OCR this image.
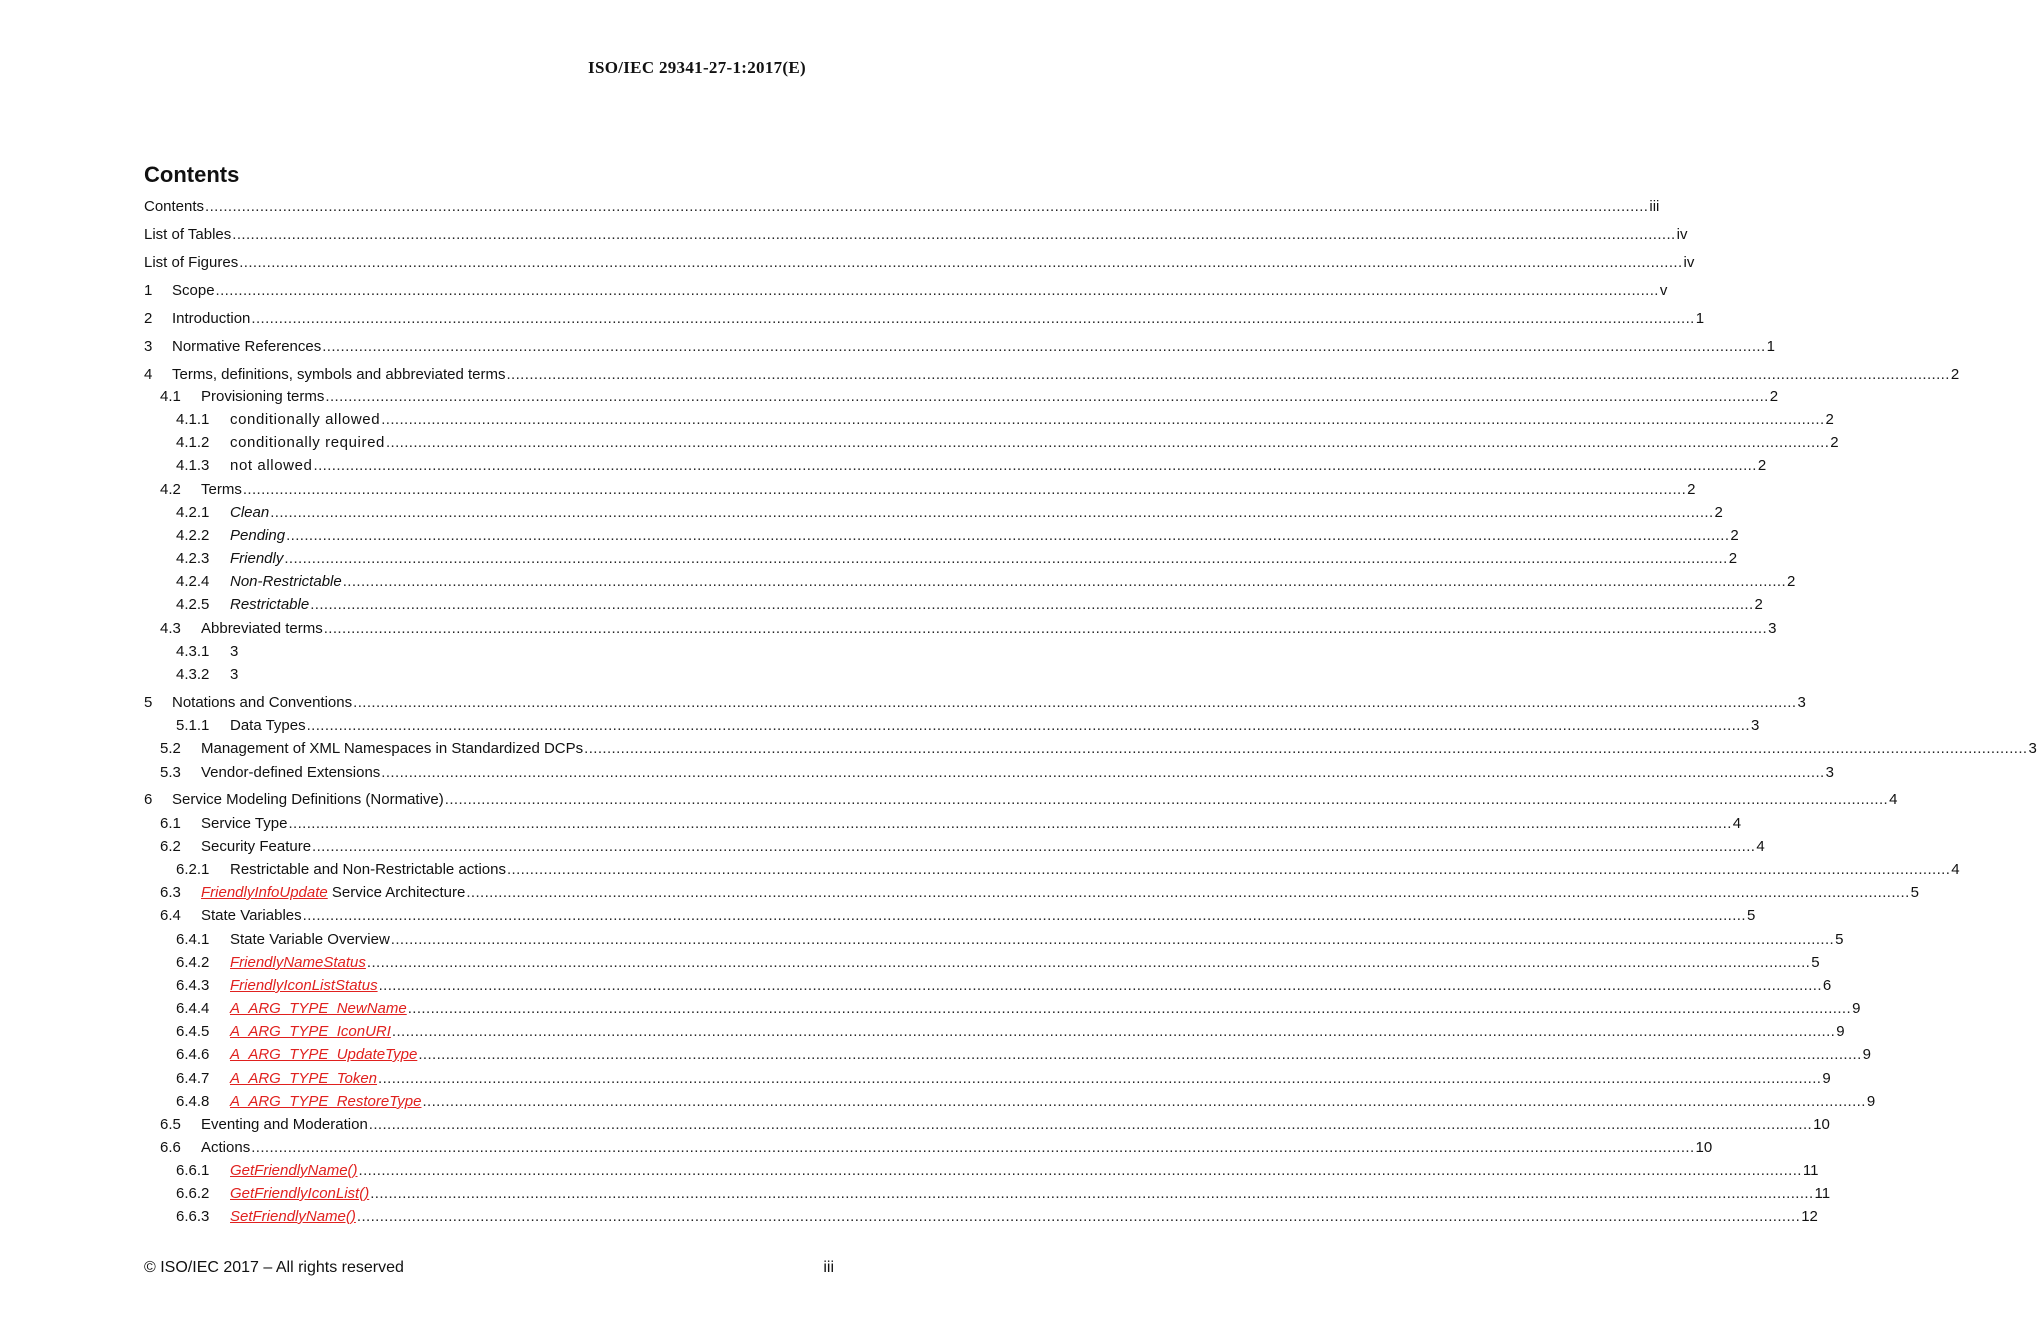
ISO/IEC 29341-27-1:2017(E)
Contents
Contents .....	iii
List of Tables .....	iv
List of Figures .....	iv
1	Scope .....	v
2	Introduction .....	1
3	Normative References .....	1
4	Terms, definitions, symbols and abbreviated terms .....	2
4.1	Provisioning terms .....	2
4.1.1	conditionally allowed .....	2
4.1.2	conditionally required .....	2
4.1.3	not allowed .....	2
4.2	Terms .....	2
4.2.1	Clean .....	2
4.2.2	Pending .....	2
4.2.3	Friendly .....	2
4.2.4	Non-Restrictable .....	2
4.2.5	Restrictable .....	2
4.3	Abbreviated terms .....	3
4.3.1	3
4.3.2	3
5	Notations and Conventions .....	3
5.1.1	Data Types .....	3
5.2	Management of XML Namespaces in Standardized DCPs .....	3
5.3	Vendor-defined Extensions .....	3
6	Service Modeling Definitions (Normative) .....	4
6.1	Service Type .....	4
6.2	Security Feature .....	4
6.2.1	Restrictable and Non-Restrictable actions .....	4
6.3	FriendlyInfoUpdate Service Architecture .....	5
6.4	State Variables .....	5
6.4.1	State Variable Overview .....	5
6.4.2	FriendlyNameStatus .....	5
6.4.3	FriendlyIconListStatus .....	6
6.4.4	A_ARG_TYPE_NewName .....	9
6.4.5	A_ARG_TYPE_IconURI .....	9
6.4.6	A_ARG_TYPE_UpdateType .....	9
6.4.7	A_ARG_TYPE_Token .....	9
6.4.8	A_ARG_TYPE_RestoreType .....	9
6.5	Eventing and Moderation .....	10
6.6	Actions .....	10
6.6.1	GetFriendlyName() .....	11
6.6.2	GetFriendlyIconList() .....	11
6.6.3	SetFriendlyName() .....	12
© ISO/IEC 2017 – All rights reserved	iii
